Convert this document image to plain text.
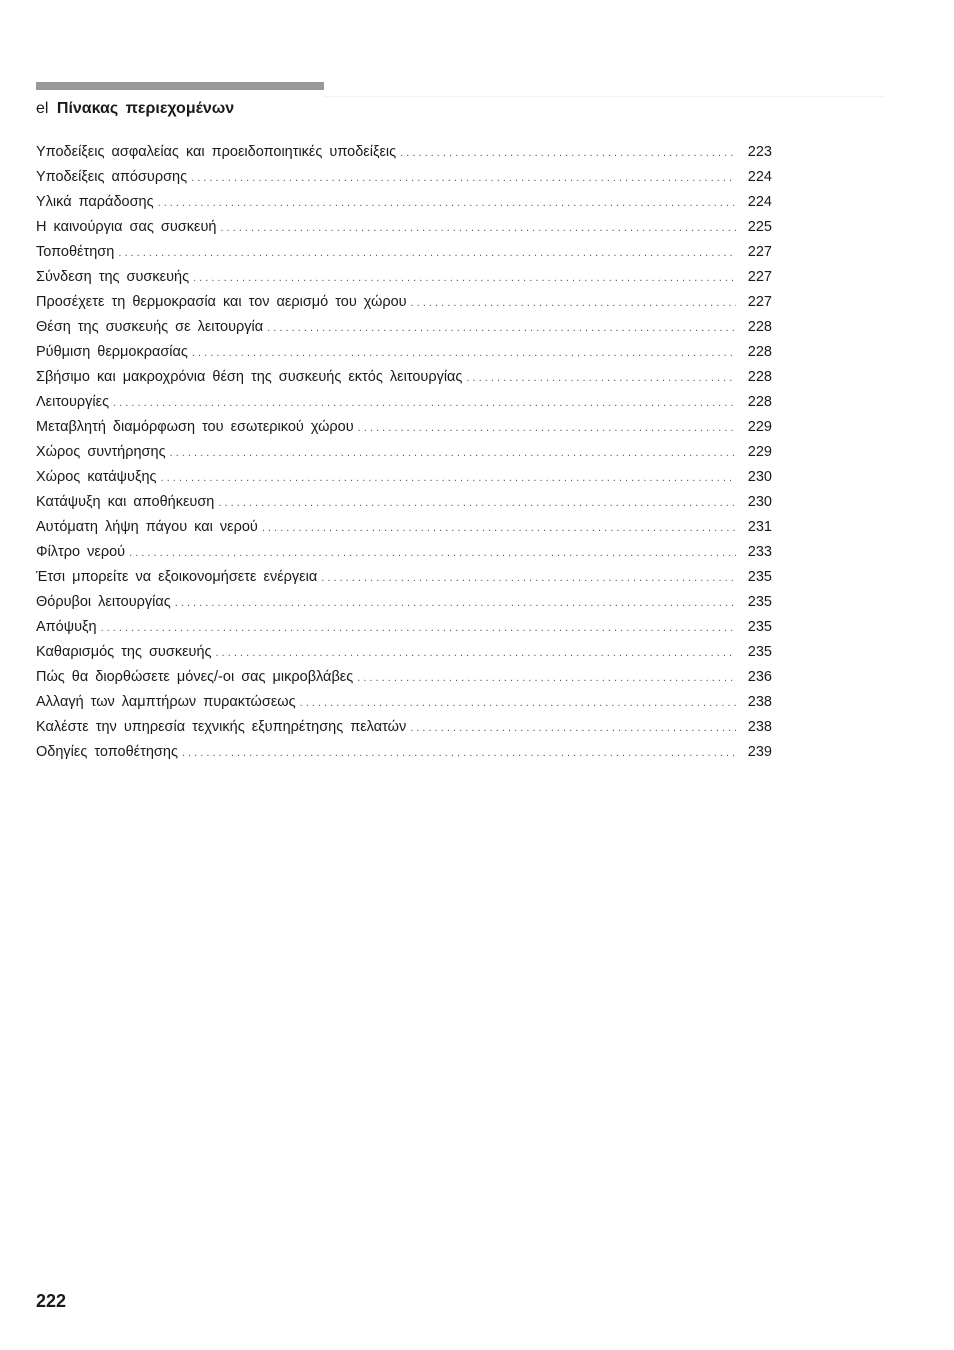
el Πίνακας περιεχομένων
Υποδείξεις ασφαλείας και προειδοποιητικές υποδείξεις . . .	223
Υποδείξεις απόσυρσης . . .	224
Υλικά παράδοσης . . .	224
Η καινούργια σας συσκευή . . .	225
Τοποθέτηση . . .	227
Σύνδεση της συσκευής . . .	227
Προσέχετε τη θερμοκρασία και τον αερισμό του χώρου . . .	227
Θέση της συσκευής σε λειτουργία . . .	228
Ρύθμιση θερμοκρασίας . . .	228
Σβήσιμο και μακροχρόνια θέση της συσκευής εκτός λειτουργίας . . .	228
Λειτουργίες . . .	228
Μεταβλητή διαμόρφωση του εσωτερικού χώρου . . .	229
Χώρος συντήρησης . . .	229
Χώρος κατάψυξης . . .	230
Κατάψυξη και αποθήκευση . . .	230
Αυτόματη λήψη πάγου και νερού . . .	231
Φίλτρο νερού . . .	233
Έτσι μπορείτε να εξοικονομήσετε ενέργεια . . .	235
Θόρυβοι λειτουργίας . . .	235
Απόψυξη . . .	235
Καθαρισμός της συσκευής . . .	235
Πώς θα διορθώσετε μόνες/-οι σας μικροβλάβες . . .	236
Αλλαγή των λαμπτήρων πυρακτώσεως . . .	238
Καλέστε την υπηρεσία τεχνικής εξυπηρέτησης πελατών . . .	238
Οδηγίες τοποθέτησης . . .	239
222
